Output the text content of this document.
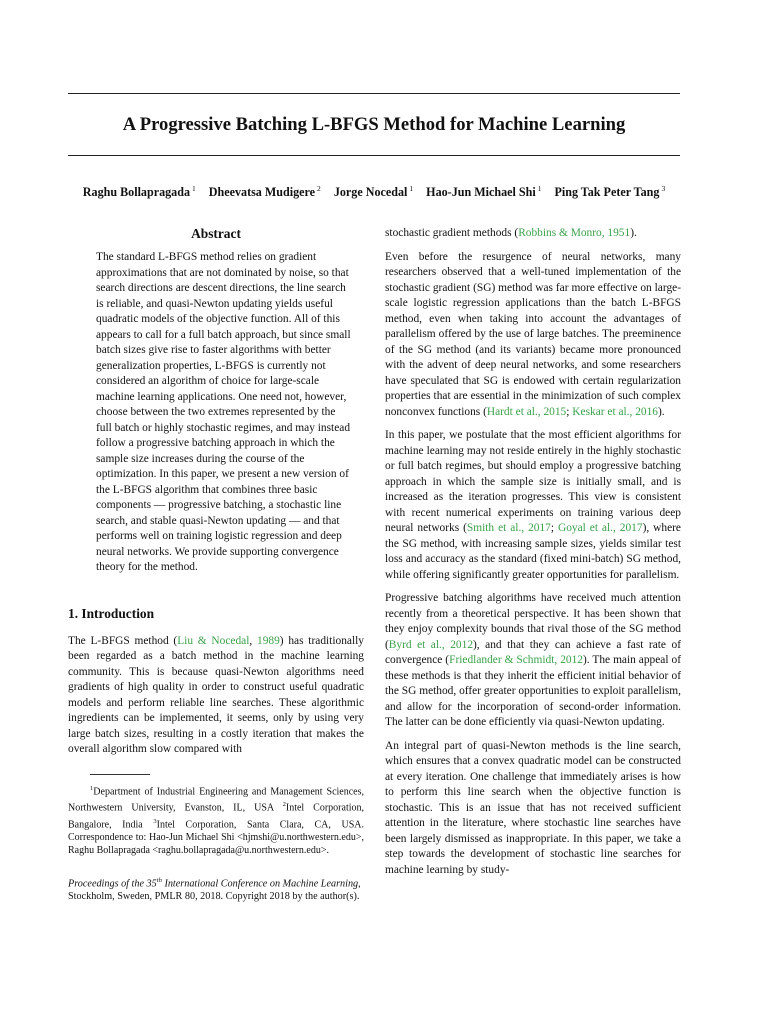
A Progressive Batching L-BFGS Method for Machine Learning
Raghu Bollapragada $^1$ Dheevatsa Mudigere $^2$ Jorge Nocedal $^1$ Hao-Jun Michael Shi $^1$ Ping Tak Peter Tang $^3$
Abstract

The standard L-BFGS method relies on gradient approximations that are not dominated by noise, so that search directions are descent directions, the line search is reliable, and quasi-Newton updating yields useful quadratic models of the objective function. All of this appears to call for a full batch approach, but since small batch sizes give rise to faster algorithms with better generalization properties, L-BFGS is currently not considered an algorithm of choice for large-scale machine learning applications. One need not, however, choose between the two extremes represented by the full batch or highly stochastic regimes, and may instead follow a progressive batching approach in which the sample size increases during the course of the optimization. In this paper, we present a new version of the L-BFGS algorithm that combines three basic components — progressive batching, a stochastic line search, and stable quasi-Newton updating — and that performs well on training logistic regression and deep neural networks. We provide supporting convergence theory for the method.

1. Introduction

The L-BFGS method (Liu & Nocedal, 1989) has traditionally been regarded as a batch method in the machine learning community. This is because quasi-Newton algorithms need gradients of high quality in order to construct useful quadratic models and perform reliable line searches. These algorithmic ingredients can be implemented, it seems, only by using very large batch sizes, resulting in a costly iteration that makes the overall algorithm slow compared with

$^1$Department of Industrial Engineering and Management Sciences, Northwestern University, Evanston, IL, USA $^2$Intel Corporation, Bangalore, India $^3$Intel Corporation, Santa Clara, CA, USA. Correspondence to: Hao-Jun Michael Shi <hjmshi@u.northwestern.edu>, Raghu Bollapragada <raghu.bollapragada@u.northwestern.edu>.

Proceedings of the 35th International Conference on Machine Learning, Stockholm, Sweden, PMLR 80, 2018. Copyright 2018 by the author(s).

stochastic gradient methods (Robbins & Monro, 1951).

Even before the resurgence of neural networks, many researchers observed that a well-tuned implementation of the stochastic gradient (SG) method was far more effective on large-scale logistic regression applications than the batch L-BFGS method, even when taking into account the advantages of parallelism offered by the use of large batches. The preeminence of the SG method (and its variants) became more pronounced with the advent of deep neural networks, and some researchers have speculated that SG is endowed with certain regularization properties that are essential in the minimization of such complex nonconvex functions (Hardt et al., 2015; Keskar et al., 2016).

In this paper, we postulate that the most efficient algorithms for machine learning may not reside entirely in the highly stochastic or full batch regimes, but should employ a progressive batching approach in which the sample size is initially small, and is increased as the iteration progresses. This view is consistent with recent numerical experiments on training various deep neural networks (Smith et al., 2017; Goyal et al., 2017), where the SG method, with increasing sample sizes, yields similar test loss and accuracy as the standard (fixed mini-batch) SG method, while offering significantly greater opportunities for parallelism.

Progressive batching algorithms have received much attention recently from a theoretical perspective. It has been shown that they enjoy complexity bounds that rival those of the SG method (Byrd et al., 2012), and that they can achieve a fast rate of convergence (Friedlander & Schmidt, 2012). The main appeal of these methods is that they inherit the efficient initial behavior of the SG method, offer greater opportunities to exploit parallelism, and allow for the incorporation of second-order information. The latter can be done efficiently via quasi-Newton updating.

An integral part of quasi-Newton methods is the line search, which ensures that a convex quadratic model can be constructed at every iteration. One challenge that immediately arises is how to perform this line search when the objective function is stochastic. This is an issue that has not received sufficient attention in the literature, where stochastic line searches have been largely dismissed as inappropriate. In this paper, we take a step towards the development of stochastic line searches for machine learning by study-
